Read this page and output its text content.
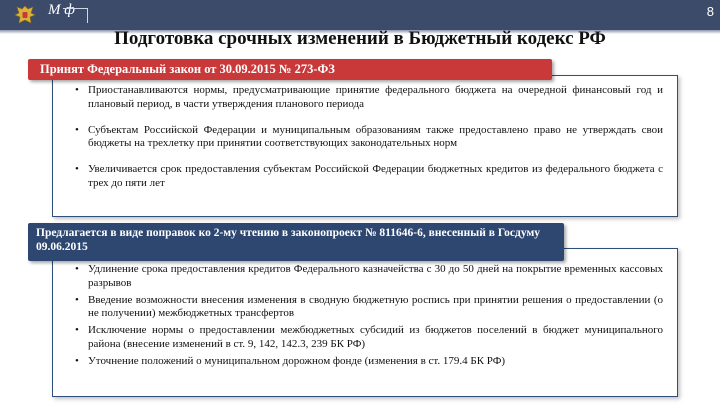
М ф	8
Подготовка срочных изменений в Бюджетный кодекс РФ
• Приостанавливаются нормы, предусматривающие принятие федерального бюджета на очередной финансовый год и плановый период, в части утверждения планового периода
• Субъектам Российской Федерации и муниципальным образованиям также предоставлено право не утверждать свои бюджеты на трехлетку при принятии соответствующих законодательных норм
• Увеличивается срок предоставления субъектам Российской Федерации бюджетных кредитов из федерального бюджета с трех до пяти лет
Принят Федеральный закон от 30.09.2015 № 273-ФЗ
• Удлинение срока предоставления кредитов Федерального казначейства с 30 до 50 дней на покрытие временных кассовых разрывов
• Введение возможности внесения изменения в сводную бюджетную роспись при принятии решения о предоставлении (о не получении) межбюджетных трансфертов
• Исключение нормы о предоставлении межбюджетных субсидий из бюджетов поселений в бюджет муниципального района (внесение изменений в ст. 9, 142, 142.3, 239 БК РФ)
• Уточнение положений о муниципальном дорожном фонде (изменения в ст. 179.4 БК РФ)
Предлагается в виде поправок ко 2-му чтению в законопроект № 811646-6, внесенный в Госдуму 09.06.2015
